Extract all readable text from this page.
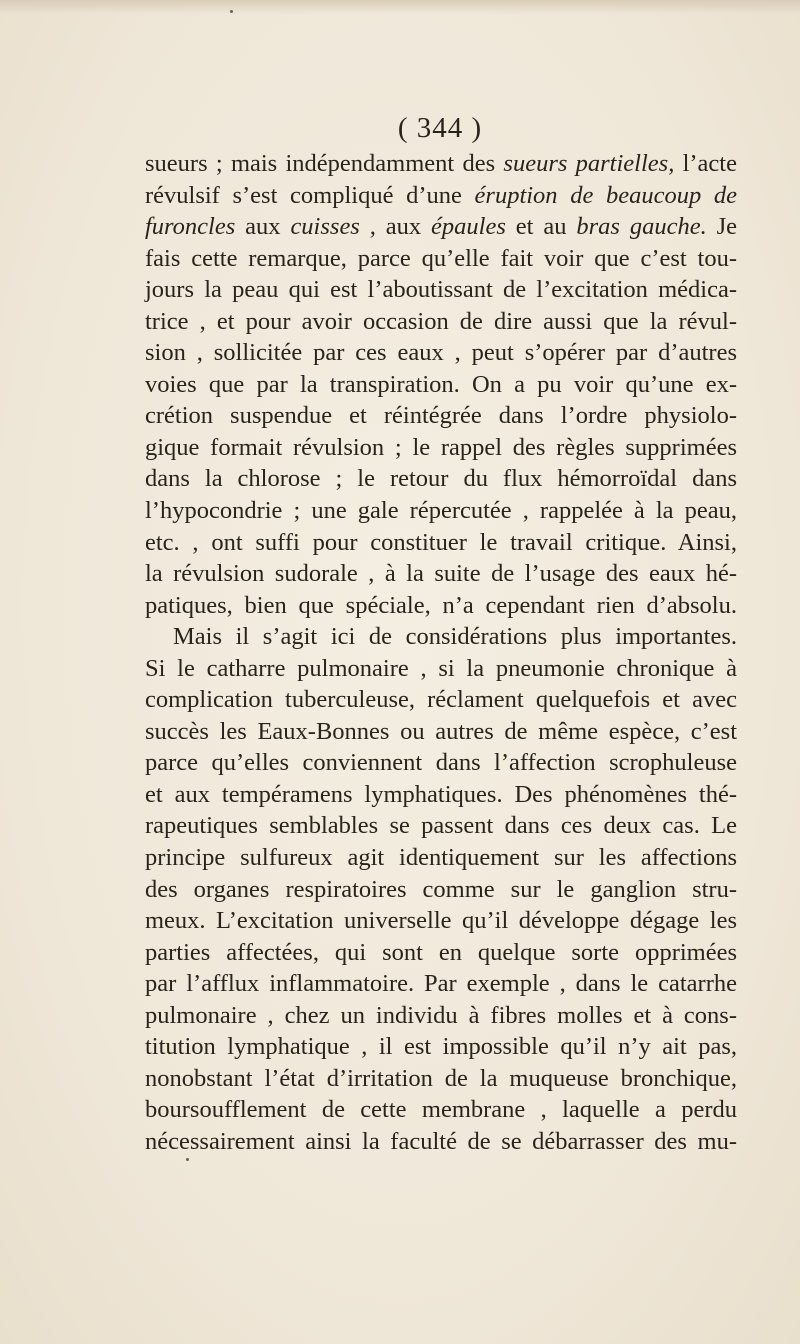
( 344 )
sueurs ; mais indépendamment des sueurs partielles, l’acte
révulsif s’est compliqué d’une éruption de beaucoup de
furoncles aux cuisses , aux épaules et au bras gauche. Je
fais cette remarque, parce qu’elle fait voir que c’est tou-
jours la peau qui est l’aboutissant de l’excitation médica-
trice , et pour avoir occasion de dire aussi que la révul-
sion , sollicitée par ces eaux , peut s’opérer par d’autres
voies que par la transpiration. On a pu voir qu’une ex-
crétion suspendue et réintégrée dans l’ordre physiolo-
gique formait révulsion ; le rappel des règles supprimées
dans la chlorose ; le retour du flux hémorroïdal dans
l’hypocondrie ; une gale répercutée , rappelée à la peau,
etc. , ont suffi pour constituer le travail critique. Ainsi,
la révulsion sudorale , à la suite de l’usage des eaux hé-
patiques, bien que spéciale, n’a cependant rien d’absolu.
Mais il s’agit ici de considérations plus importantes.
Si le catharre pulmonaire , si la pneumonie chronique à
complication tuberculeuse, réclament quelquefois et avec
succès les Eaux-Bonnes ou autres de même espèce, c’est
parce qu’elles conviennent dans l’affection scrophuleuse
et aux tempéramens lymphatiques. Des phénomènes thé-
rapeutiques semblables se passent dans ces deux cas. Le
principe sulfureux agit identiquement sur les affections
des organes respiratoires comme sur le ganglion stru-
meux. L’excitation universelle qu’il développe dégage les
parties affectées, qui sont en quelque sorte opprimées
par l’afflux inflammatoire. Par exemple , dans le catarrhe
pulmonaire , chez un individu à fibres molles et à cons-
titution lymphatique , il est impossible qu’il n’y ait pas,
nonobstant l’état d’irritation de la muqueuse bronchique,
boursoufflement de cette membrane , laquelle a perdu
nécessairement ainsi la faculté de se débarrasser des mu-
